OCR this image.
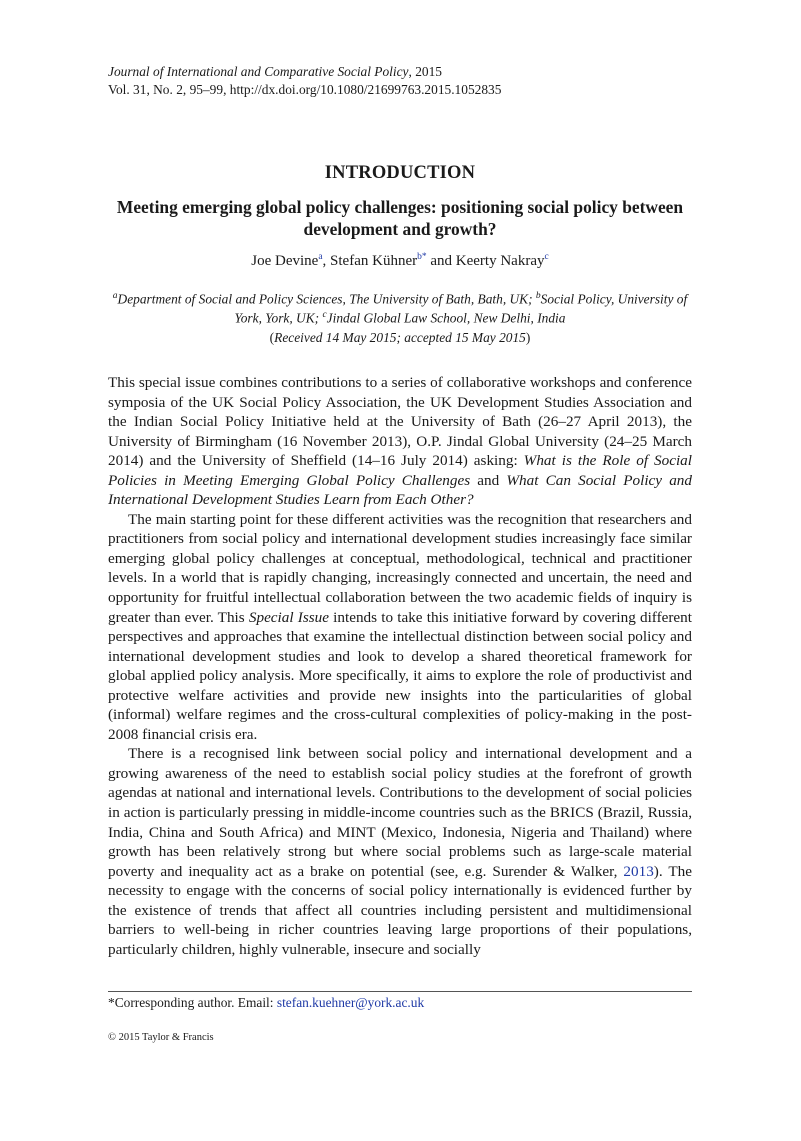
Journal of International and Comparative Social Policy, 2015
Vol. 31, No. 2, 95–99, http://dx.doi.org/10.1080/21699763.2015.1052835
INTRODUCTION
Meeting emerging global policy challenges: positioning social policy between development and growth?
Joe Devine$^a$, Stefan Kühner$^{b*}$ and Keerty Nakray$^c$
$^a$Department of Social and Policy Sciences, The University of Bath, Bath, UK; $^b$Social Policy, University of York, York, UK; $^c$Jindal Global Law School, New Delhi, India
(Received 14 May 2015; accepted 15 May 2015)

This special issue combines contributions to a series of collaborative workshops and conference symposia of the UK Social Policy Association, the UK Development Studies Association and the Indian Social Policy Initiative held at the University of Bath (26–27 April 2013), the University of Birmingham (16 November 2013), O.P. Jindal Global University (24–25 March 2014) and the University of Sheffield (14–16 July 2014) asking: What is the Role of Social Policies in Meeting Emerging Global Policy Challenges and What Can Social Policy and International Development Studies Learn from Each Other?

The main starting point for these different activities was the recognition that researchers and practitioners from social policy and international development studies increasingly face similar emerging global policy challenges at conceptual, methodological, technical and practitioner levels. In a world that is rapidly changing, increasingly connected and uncertain, the need and opportunity for fruitful intellectual collaboration between the two academic fields of inquiry is greater than ever. This Special Issue intends to take this initiative forward by covering different perspectives and approaches that examine the intellectual distinction between social policy and international development studies and look to develop a shared theoretical framework for global applied policy analysis. More specifically, it aims to explore the role of productivist and protective welfare activities and provide new insights into the particularities of global (informal) welfare regimes and the cross-cultural complexities of policy-making in the post-2008 financial crisis era.

There is a recognised link between social policy and international development and a growing awareness of the need to establish social policy studies at the forefront of growth agendas at national and international levels. Contributions to the development of social policies in action is particularly pressing in middle-income countries such as the BRICS (Brazil, Russia, India, China and South Africa) and MINT (Mexico, Indonesia, Nigeria and Thailand) where growth has been relatively strong but where social problems such as large-scale material poverty and inequality act as a brake on potential (see, e.g. Surender & Walker, 2013). The necessity to engage with the concerns of social policy internationally is evidenced further by the existence of trends that affect all countries including persistent and multidimensional barriers to well-being in richer countries leaving large proportions of their populations, particularly children, highly vulnerable, insecure and socially

*Corresponding author. Email: stefan.kuehner@york.ac.uk
© 2015 Taylor & Francis
